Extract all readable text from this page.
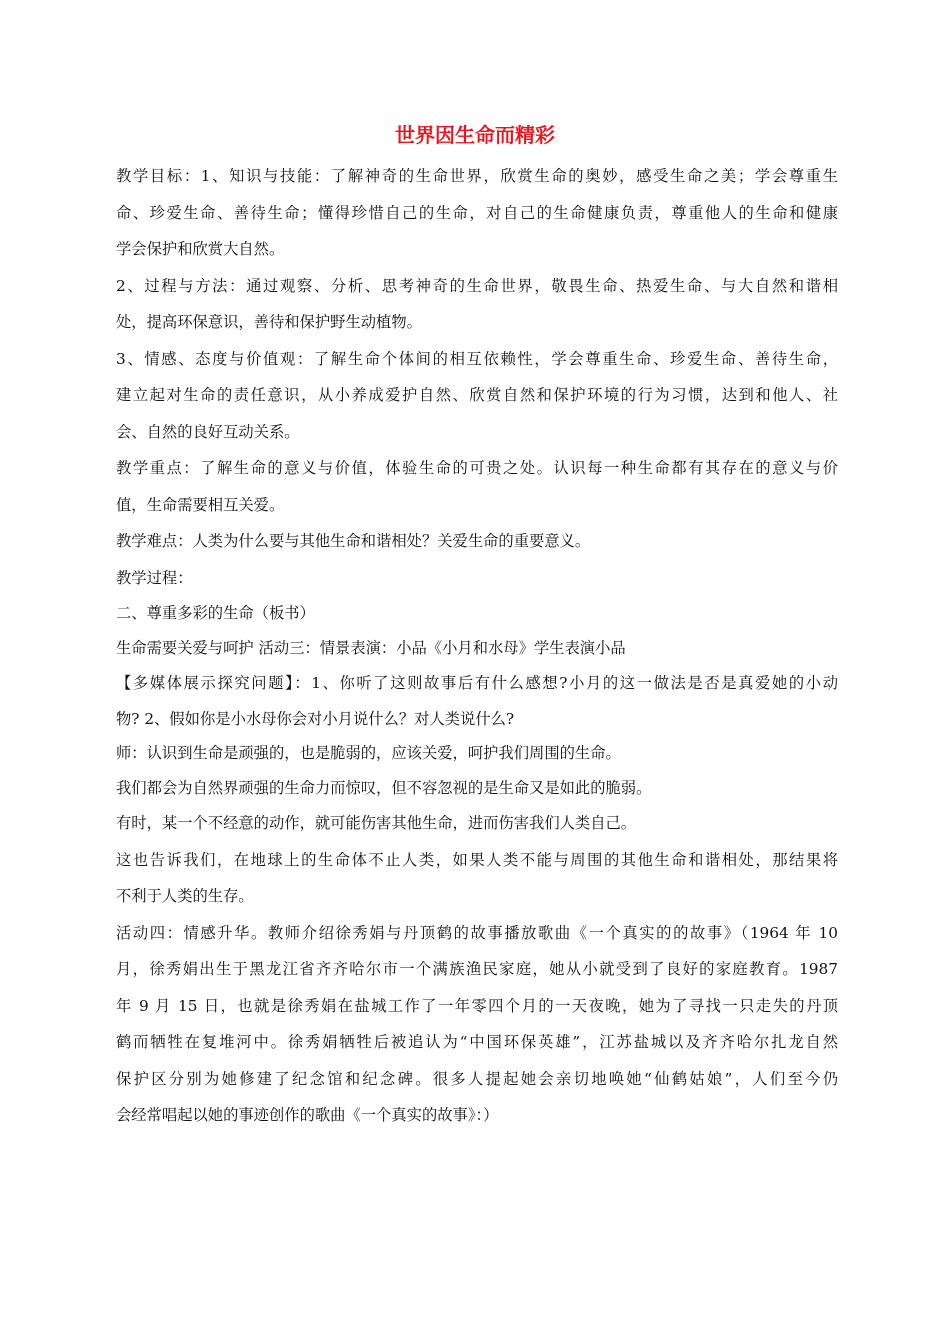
世界因生命而精彩
教学目标：1、知识与技能：了解神奇的生命世界，欣赏生命的奥妙，感受生命之美；学会尊重生
命、珍爱生命、善待生命；懂得珍惜自己的生命，对自己的生命健康负责，尊重他人的生命和健康
学会保护和欣赏大自然。
2、过程与方法：通过观察、分析、思考神奇的生命世界，敬畏生命、热爱生命、与大自然和谐相
处，提高环保意识，善待和保护野生动植物。
3、情感、态度与价值观：了解生命个体间的相互依赖性，学会尊重生命、珍爱生命、善待生命，
建立起对生命的责任意识，从小养成爱护自然、欣赏自然和保护环境的行为习惯，达到和他人、社
会、自然的良好互动关系。
教学重点：了解生命的意义与价值，体验生命的可贵之处。认识每一种生命都有其存在的意义与价
值，生命需要相互关爱。
教学难点：人类为什么要与其他生命和谐相处？关爱生命的重要意义。
教学过程：
二、尊重多彩的生命（板书）
生命需要关爱与呵护 活动三：情景表演：小品《小月和水母》学生表演小品
【多媒体展示探究问题】：1、你听了这则故事后有什么感想?小月的这一做法是否是真爱她的小动
物? 2、假如你是小水母你会对小月说什么？对人类说什么?
师：认识到生命是顽强的，也是脆弱的，应该关爱，呵护我们周围的生命。
我们都会为自然界顽强的生命力而惊叹，但不容忽视的是生命又是如此的脆弱。
有时，某一个不经意的动作，就可能伤害其他生命，进而伤害我们人类自己。
这也告诉我们，在地球上的生命体不止人类，如果人类不能与周围的其他生命和谐相处，那结果将
不利于人类的生存。
活动四：情感升华。教师介绍徐秀娟与丹顶鹤的故事播放歌曲《一个真实的的故事》（1964 年 10
月，徐秀娟出生于黑龙江省齐齐哈尔市一个满族渔民家庭，她从小就受到了良好的家庭教育。1987
年 9 月 15 日，也就是徐秀娟在盐城工作了一年零四个月的一天夜晚，她为了寻找一只走失的丹顶
鹤而牺牲在复堆河中。徐秀娟牺牲后被追认为“中国环保英雄”，江苏盐城以及齐齐哈尔扎龙自然
保护区分别为她修建了纪念馆和纪念碑。很多人提起她会亲切地唤她“仙鹤姑娘”，人们至今仍
会经常唱起以她的事迹创作的歌曲《一个真实的故事》：）
